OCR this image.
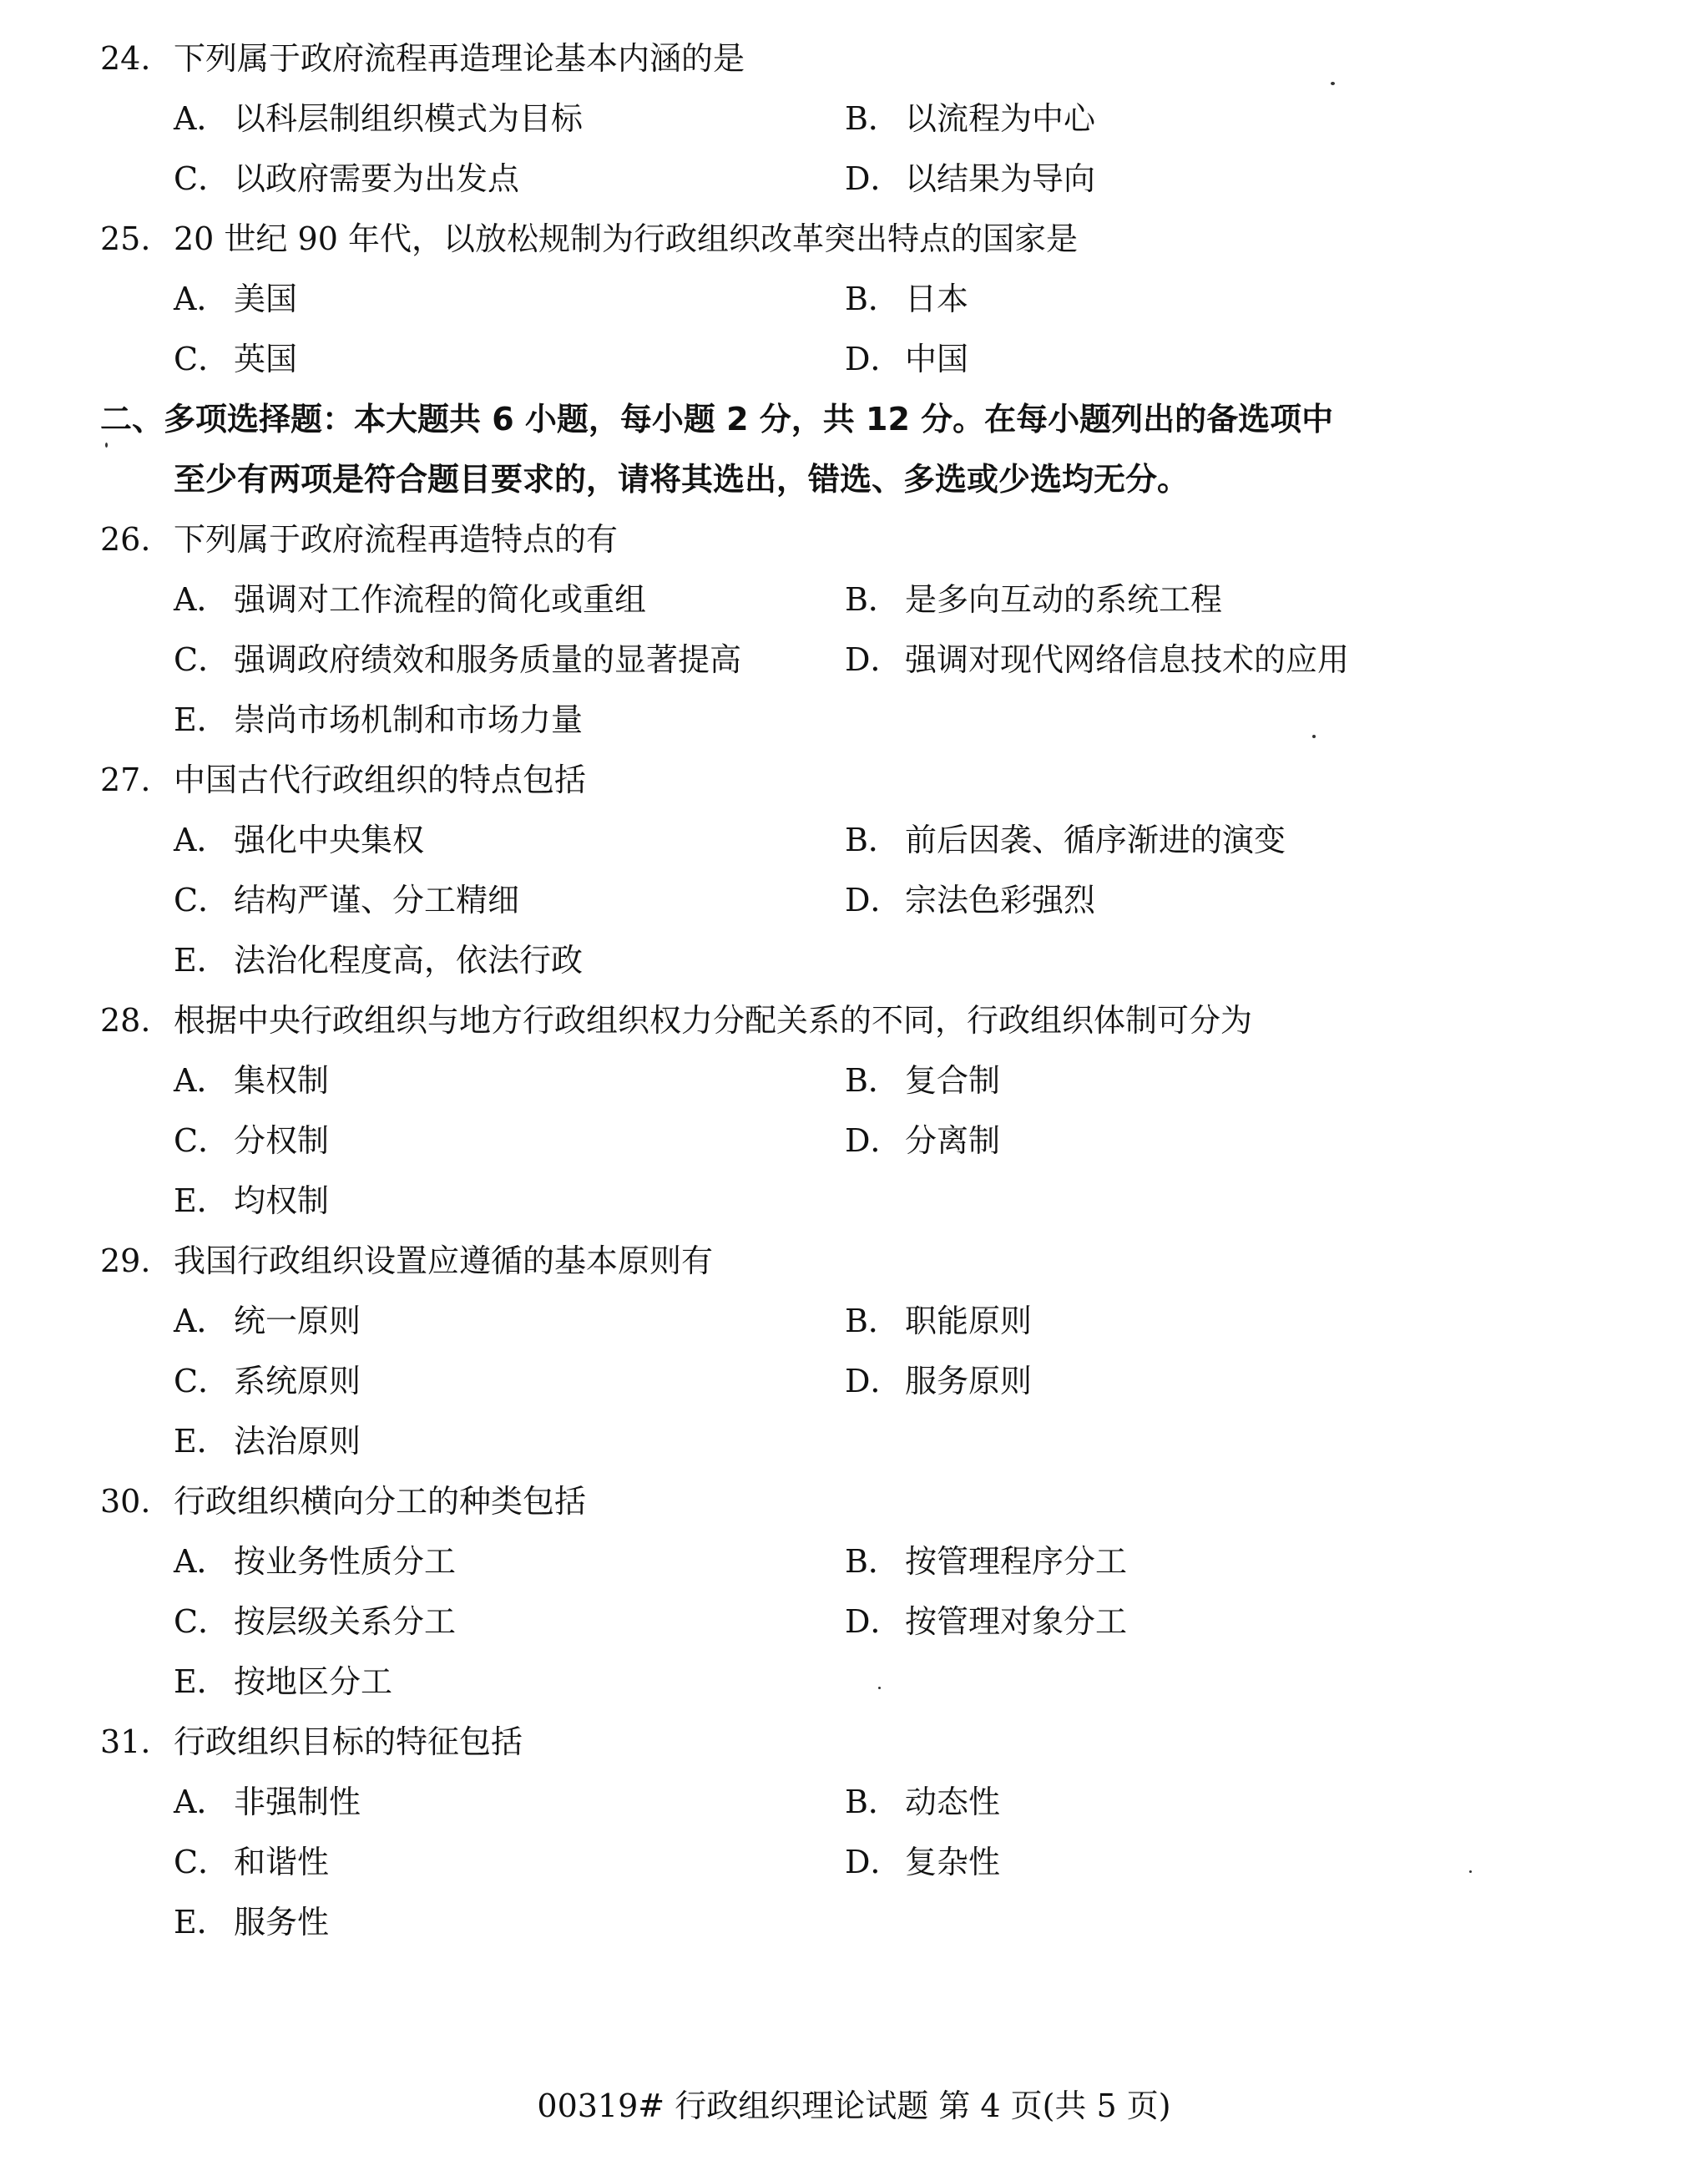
24. 下列属于政府流程再造理论基本内涵的是
A． 以科层制组织模式为目标	B． 以流程为中心
C． 以政府需要为出发点	D．以结果为导向
25. 20 世纪 90 年代，以放松规制为行政组织改革突出特点的国家是
A． 美国	B． 日本
C． 英国	D．中国
二、多项选择题：本大题共 6 小题，每小题 2 分，共 12 分。在每小题列出的备选项中
至少有两项是符合题目要求的，请将其选出，错选、多选或少选均无分。
26. 下列属于政府流程再造特点的有
A． 强调对工作流程的简化或重组	B． 是多向互动的系统工程
C． 强调政府绩效和服务质量的显著提高	D．强调对现代网络信息技术的应用
E． 崇尚市场机制和市场力量
27. 中国古代行政组织的特点包括
A． 强化中央集权	B． 前后因袭、循序渐进的演变
C． 结构严谨、分工精细	D．宗法色彩强烈
E． 法治化程度高，依法行政
28. 根据中央行政组织与地方行政组织权力分配关系的不同，行政组织体制可分为
A． 集权制	B． 复合制
C． 分权制	D．分离制
E． 均权制
29. 我国行政组织设置应遵循的基本原则有
A． 统一原则	B． 职能原则
C． 系统原则	D．服务原则
E． 法治原则
30. 行政组织横向分工的种类包括
A． 按业务性质分工	B． 按管理程序分工
C． 按层级关系分工	D．按管理对象分工
E． 按地区分工
31. 行政组织目标的特征包括
A． 非强制性	B． 动态性
C． 和谐性	D．复杂性
E． 服务性
00319# 行政组织理论试题 第 4 页(共 5 页)
